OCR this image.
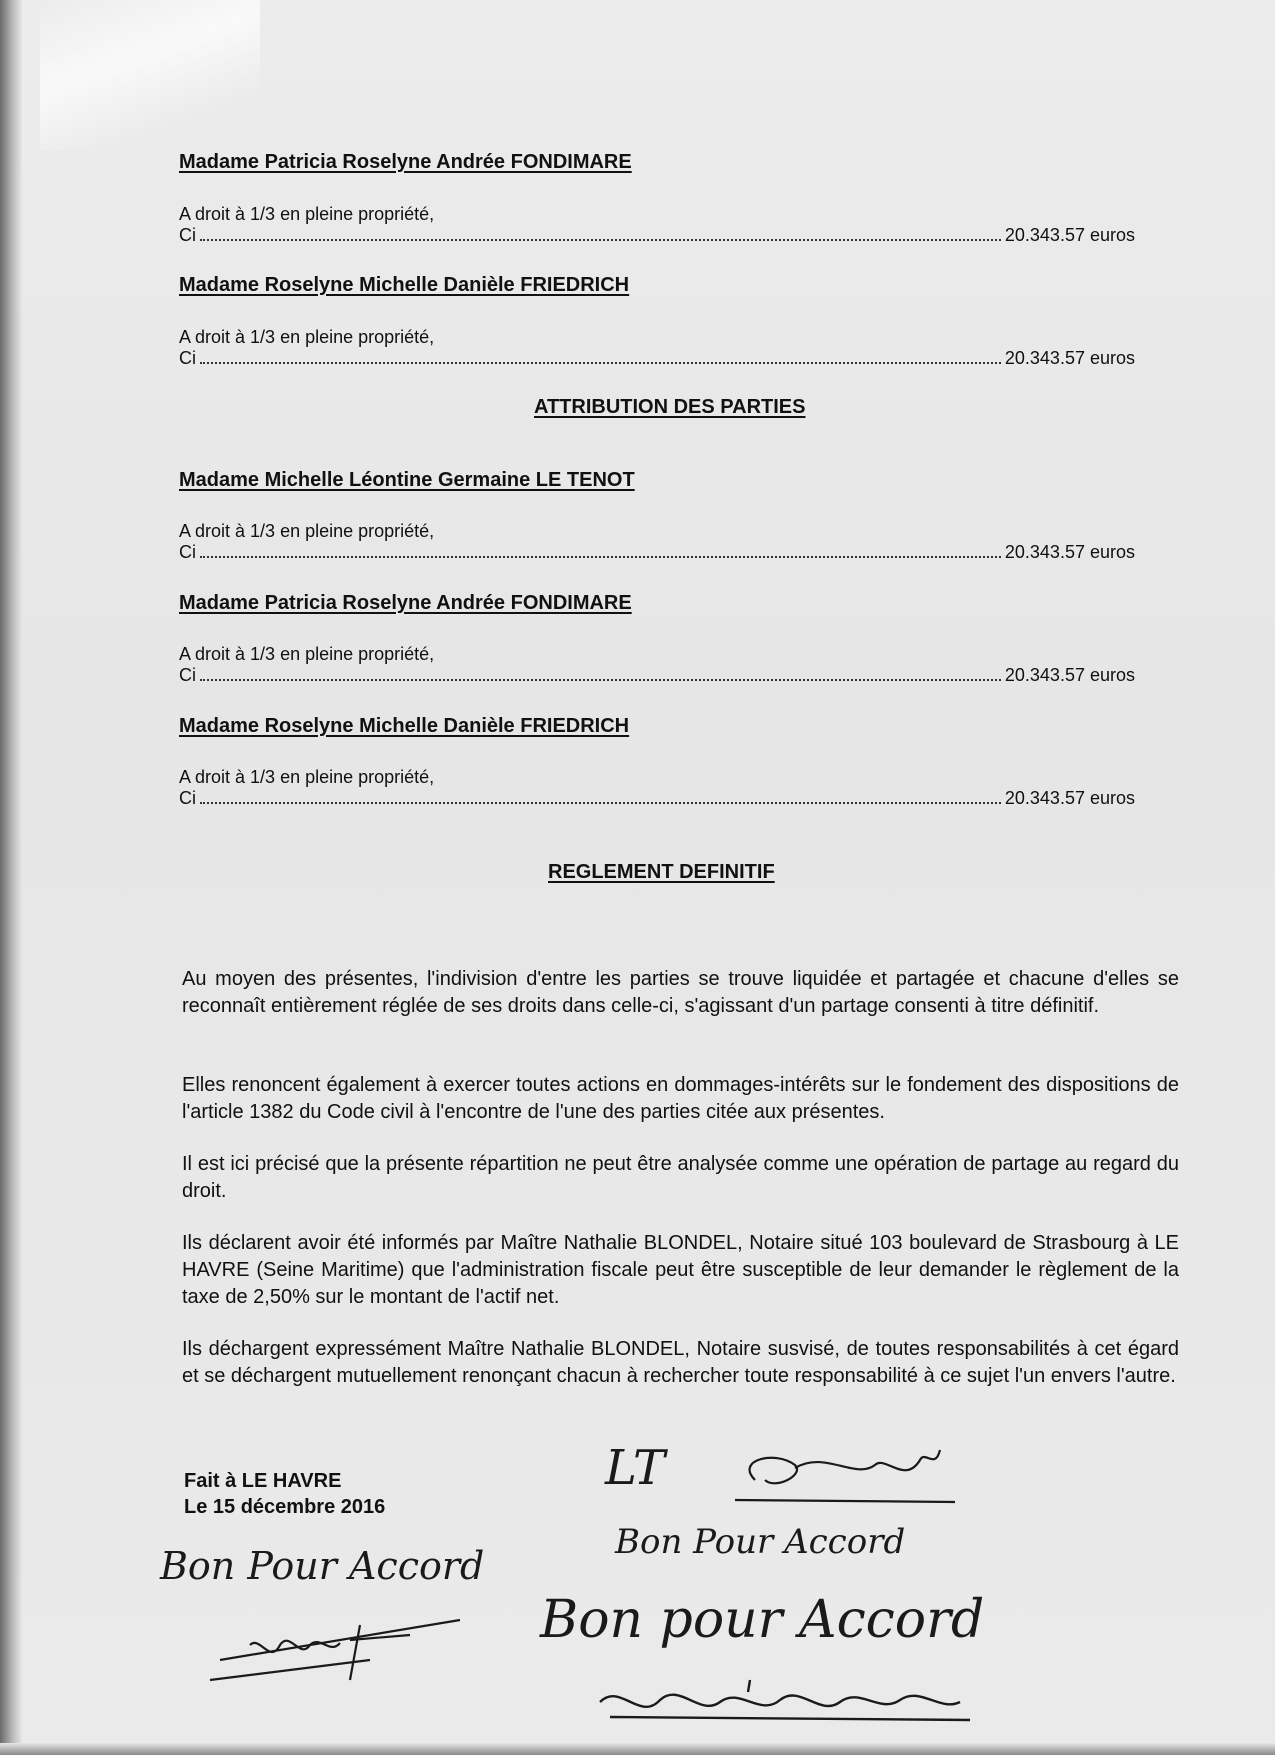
Madame Patricia Roselyne Andrée FONDIMARE
A droit à 1/3 en pleine propriété,
Ci	20.343.57 euros
Madame Roselyne Michelle Danièle FRIEDRICH
A droit à 1/3 en pleine propriété,
Ci	20.343.57 euros
ATTRIBUTION DES PARTIES
Madame Michelle Léontine Germaine LE TENOT
A droit à 1/3 en pleine propriété,
Ci	20.343.57 euros
Madame Patricia Roselyne Andrée FONDIMARE
A droit à 1/3 en pleine propriété,
Ci	20.343.57 euros
Madame Roselyne Michelle Danièle FRIEDRICH
A droit à 1/3 en pleine propriété,
Ci	20.343.57 euros
REGLEMENT DEFINITIF

Au moyen des présentes, l'indivision d'entre les parties se trouve liquidée et partagée et chacune d'elles se reconnaît entièrement réglée de ses droits dans celle-ci, s'agissant d'un partage consenti à titre définitif.

Elles renoncent également à exercer toutes actions en dommages-intérêts sur le fondement des dispositions de l'article 1382 du Code civil à l'encontre de l'une des parties citée aux présentes.

Il est ici précisé que la présente répartition ne peut être analysée comme une opération de partage au regard du droit.

Ils déclarent avoir été informés par Maître Nathalie BLONDEL, Notaire situé 103 boulevard de Strasbourg à LE HAVRE (Seine Maritime) que l'administration fiscale peut être susceptible de leur demander le règlement de la taxe de 2,50% sur le montant de l'actif net.

Ils déchargent expressément Maître Nathalie BLONDEL, Notaire susvisé, de toutes responsabilités à cet égard et se déchargent mutuellement renonçant chacun à rechercher toute responsabilité à ce sujet l'un envers l'autre.

Fait à LE HAVRE
Le 15 décembre 2016
LT
Bon Pour Accord
Bon Pour Accord
Bon pour Accord
